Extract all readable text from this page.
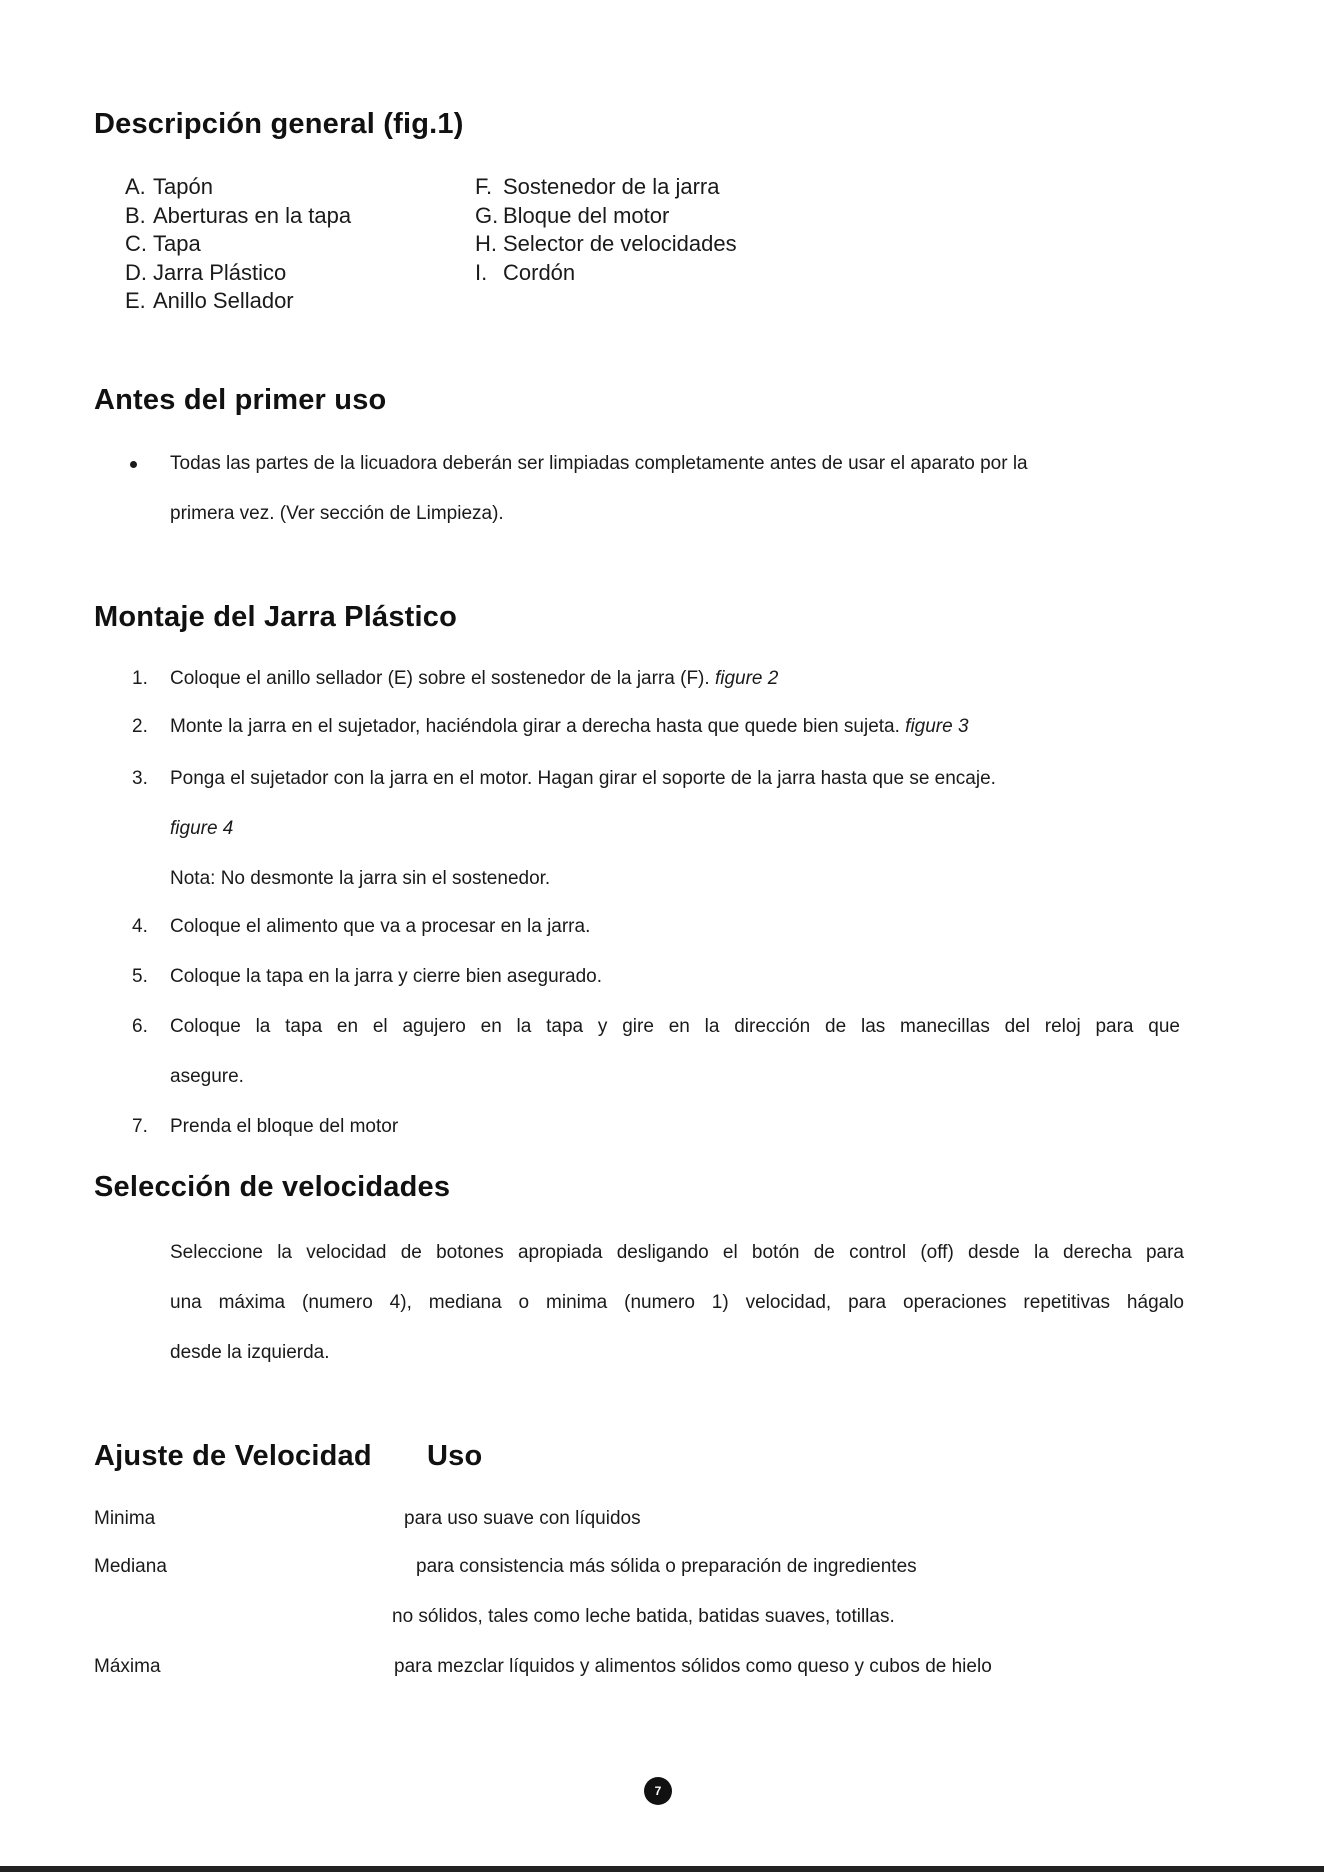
Descripción general (fig.1)
A. Tapón
B. Aberturas en la tapa
C. Tapa
D. Jarra Plástico
E. Anillo Sellador
F. Sostenedor de la jarra
G. Bloque del motor
H. Selector de velocidades
I. Cordón
Antes del primer uso
Todas las partes de la licuadora deberán ser limpiadas completamente antes de usar el aparato por la
primera vez. (Ver sección de Limpieza).
Montaje del Jarra Plástico
1. Coloque el anillo sellador (E) sobre el sostenedor de la jarra (F). figure 2
2. Monte la jarra en el sujetador, haciéndola girar a derecha hasta que quede bien sujeta. figure 3
3. Ponga el sujetador con la jarra en el motor. Hagan girar el soporte de la jarra hasta que se encaje.
figure 4
Nota: No desmonte la jarra sin el sostenedor.
4. Coloque el alimento que va a procesar en la jarra.
5. Coloque la tapa en la jarra y cierre bien asegurado.
6. Coloque la tapa en el agujero en la tapa y gire en la dirección de las manecillas del reloj para que
asegure.
7. Prenda el bloque del motor
Selección de velocidades
Seleccione la velocidad de botones apropiada desligando el botón de control (off) desde la derecha para
una máxima (numero 4), mediana o minima (numero 1) velocidad, para operaciones repetitivas hágalo
desde la izquierda.
Ajuste de Velocidad Uso
Minima	para uso suave con líquidos
Mediana	para consistencia más sólida o preparación de ingredientes
no sólidos, tales como leche batida, batidas suaves, totillas.
Máxima	para mezclar líquidos y alimentos sólidos como queso y cubos de hielo
7
